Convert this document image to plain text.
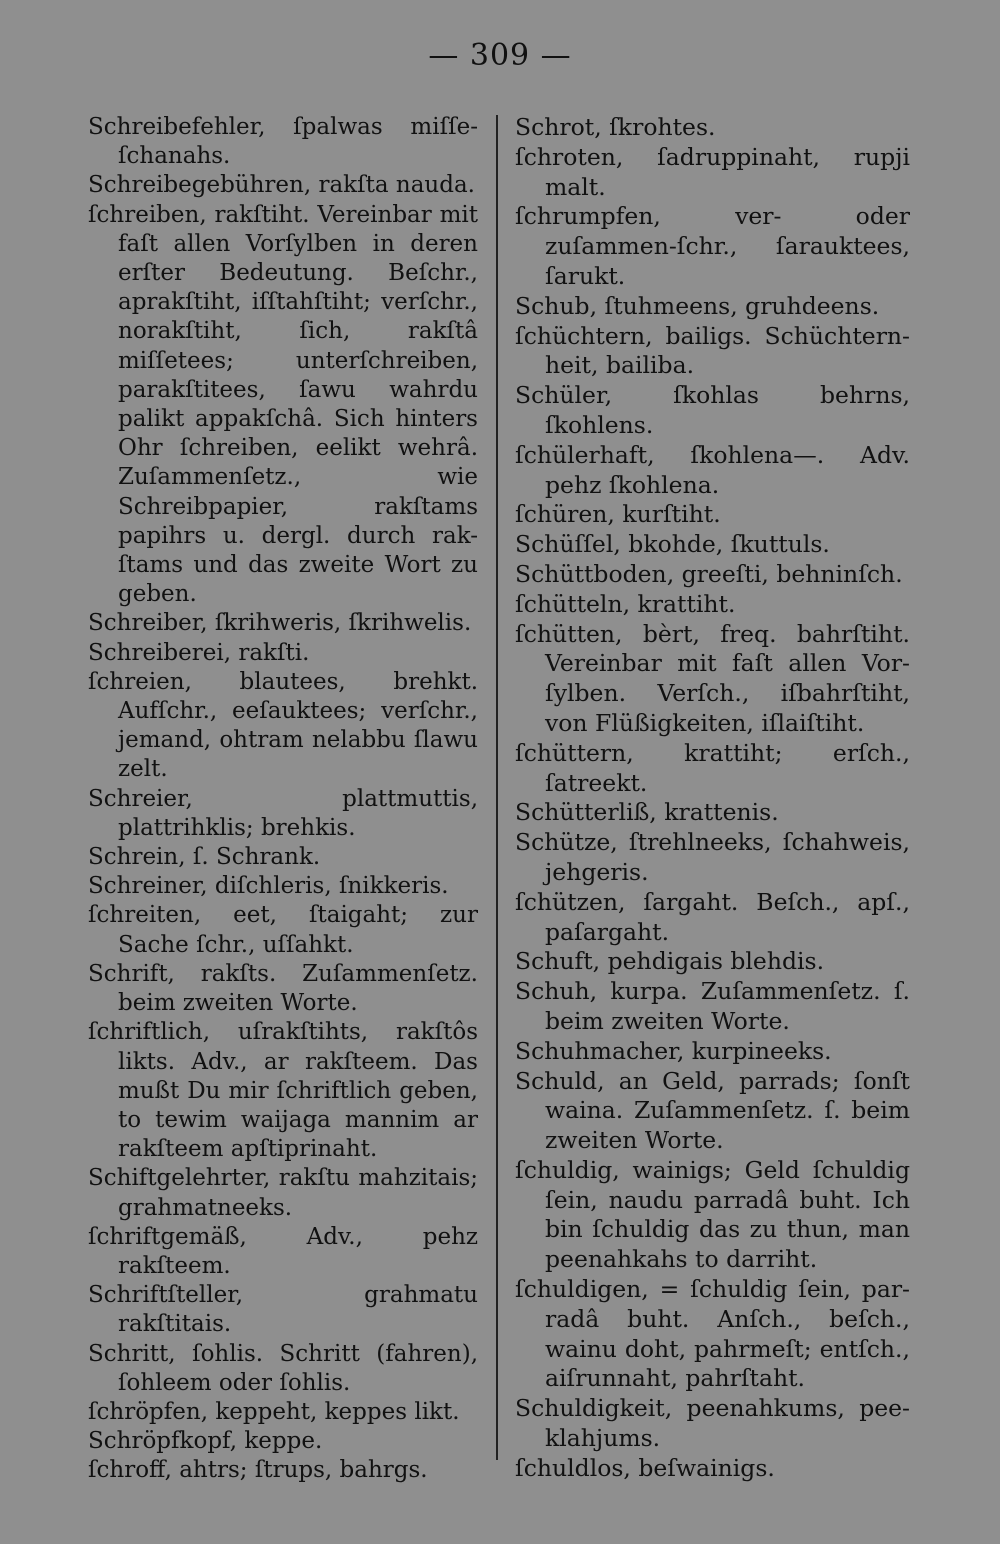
— 309 —
Schreibefehler, ſpalwas miſſe-ſchanahs.
Schreibegebühren, rakſta nauda.
ſchreiben, rakſtiht. Vereinbar mit faſt allen Vorſylben in deren erſter Bedeutung. Beſchr., aprakſtiht, iſſtahſtiht; verſchr., norakſtiht, ſich, rakſtâ miſſetees; unterſchreiben, parakſtitees, ſawu wahrdu palikt appakſchâ. Sich hinters Ohr ſchreiben, eelikt wehrâ. Zuſammenſetz., wie Schreibpapier, rakſtams papihrs u. dergl. durch rak-ſtams und das zweite Wort zu geben.
Schreiber, ſkrihweris, ſkrihwelis.
Schreiberei, rakſti.
ſchreien, blautees, brehkt. Aufſchr., eeſauktees; verſchr., jemand, ohtram nelabbu ſlawu zelt.
Schreier, plattmuttis, plattrihklis; brehkis.
Schrein, ſ. Schrank.
Schreiner, diſchleris, ſnikkeris.
ſchreiten, eet, ſtaigaht; zur Sache ſchr., uſſahkt.
Schrift, rakſts. Zuſammenſetz. beim zweiten Worte.
ſchriftlich, uſrakſtihts, rakſtôs likts. Adv., ar rakſteem. Das mußt Du mir ſchriftlich geben, to tewim waijaga mannim ar rakſteem apſtiprinaht.
Schiftgelehrter, rakſtu mahzitais; grahmatneeks.
ſchriftgemäß, Adv., pehz rakſteem.
Schriftſteller, grahmatu rakſtitais.
Schritt, ſohlis. Schritt (fahren), ſohleem oder ſohlis.
ſchröpfen, keppeht, keppes likt.
Schröpfkopf, keppe.
ſchroff, ahtrs; ſtrups, bahrgs.
Schrot, ſkrohtes.
ſchroten, ſadruppinaht, rupji malt.
ſchrumpfen, ver- oder zuſammen-ſchr., ſarauktees, ſarukt.
Schub, ſtuhmeens, gruhdeens.
ſchüchtern, bailigs. Schüchtern-heit, bailiba.
Schüler, ſkohlas behrns, ſkohlens.
ſchülerhaft, ſkohlena—. Adv. pehz ſkohlena.
ſchüren, kurſtiht.
Schüſſel, bkohde, ſkuttuls.
Schüttboden, greeſti, behninſch.
ſchütteln, krattiht.
ſchütten, bèrt, freq. bahrſtiht. Vereinbar mit faſt allen Vor-ſylben. Verſch., iſbahrſtiht, von Flüßigkeiten, iſlaiſtiht.
ſchüttern, krattiht; erſch., ſatreekt.
Schütterliß, krattenis.
Schütze, ſtrehlneeks, ſchahweis, jehgeris.
ſchützen, ſargaht. Beſch., apſ., paſargaht.
Schuft, pehdigais blehdis.
Schuh, kurpa. Zuſammenſetz. ſ. beim zweiten Worte.
Schuhmacher, kurpineeks.
Schuld, an Geld, parrads; ſonſt waina. Zuſammenſetz. ſ. beim zweiten Worte.
ſchuldig, wainigs; Geld ſchuldig ſein, naudu parradâ buht. Ich bin ſchuldig das zu thun, man peenahkahs to darriht.
ſchuldigen, = ſchuldig ſein, par-radâ buht. Anſch., beſch., wainu doht, pahrmeſt; entſch., aiſrunnaht, pahrſtaht.
Schuldigkeit, peenahkums, pee-klahjums.
ſchuldlos, beſwainigs.
